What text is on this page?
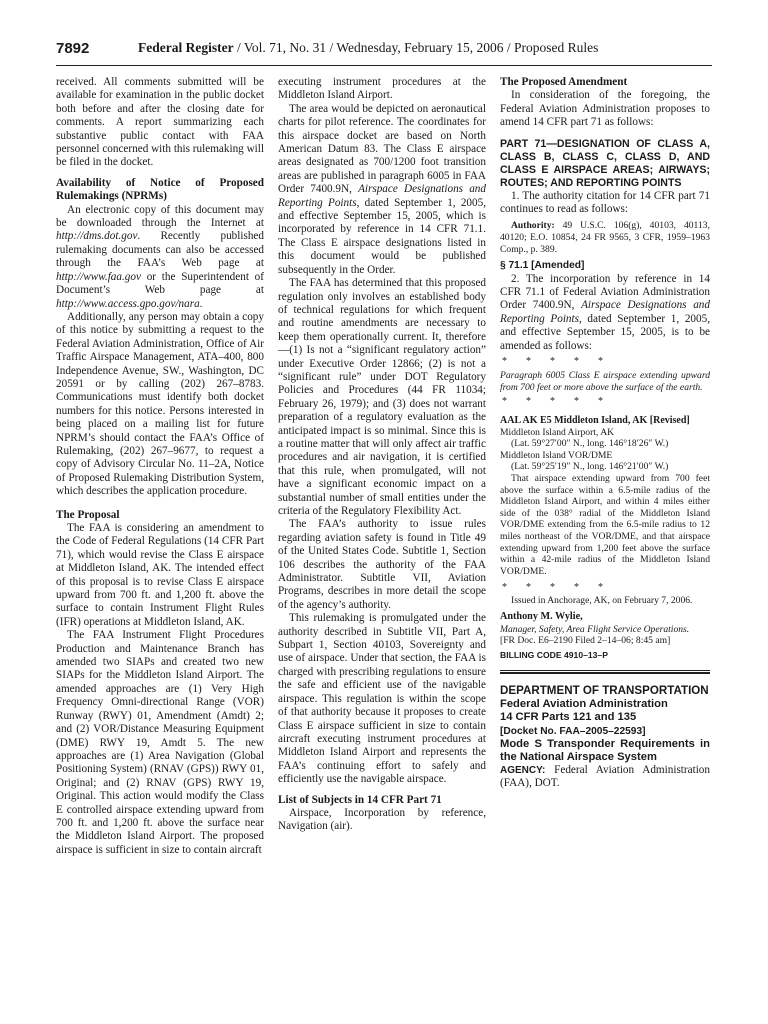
7892	Federal Register / Vol. 71, No. 31 / Wednesday, February 15, 2006 / Proposed Rules

received. All comments submitted will be available for examination in the public docket both before and after the closing date for comments. A report summarizing each substantive public contact with FAA personnel concerned with this rulemaking will be filed in the docket.

Availability of Notice of Proposed Rulemakings (NPRMs)

An electronic copy of this document may be downloaded through the Internet at http://dms.dot.gov. Recently published rulemaking documents can also be accessed through the FAA’s Web page at http://www.faa.gov or the Superintendent of Document’s Web page at http://www.access.gpo.gov/nara.

Additionally, any person may obtain a copy of this notice by submitting a request to the Federal Aviation Administration, Office of Air Traffic Airspace Management, ATA–400, 800 Independence Avenue, SW., Washington, DC 20591 or by calling (202) 267–8783. Communications must identify both docket numbers for this notice. Persons interested in being placed on a mailing list for future NPRM’s should contact the FAA’s Office of Rulemaking, (202) 267–9677, to request a copy of Advisory Circular No. 11–2A, Notice of Proposed Rulemaking Distribution System, which describes the application procedure.

The Proposal

The FAA is considering an amendment to the Code of Federal Regulations (14 CFR Part 71), which would revise the Class E airspace at Middleton Island, AK. The intended effect of this proposal is to revise Class E airspace upward from 700 ft. and 1,200 ft. above the surface to contain Instrument Flight Rules (IFR) operations at Middleton Island, AK.

The FAA Instrument Flight Procedures Production and Maintenance Branch has amended two SIAPs and created two new SIAPs for the Middleton Island Airport. The amended approaches are (1) Very High Frequency Omni-directional Range (VOR) Runway (RWY) 01, Amendment (Amdt) 2; and (2) VOR/Distance Measuring Equipment (DME) RWY 19, Amdt 5. The new approaches are (1) Area Navigation (Global Positioning System) (RNAV (GPS)) RWY 01, Original; and (2) RNAV (GPS) RWY 19, Original. This action would modify the Class E controlled airspace extending upward from 700 ft. and 1,200 ft. above the surface near the Middleton Island Airport. The proposed airspace is sufficient in size to contain aircraft

executing instrument procedures at the Middleton Island Airport.

The area would be depicted on aeronautical charts for pilot reference. The coordinates for this airspace docket are based on North American Datum 83. The Class E airspace areas designated as 700/1200 foot transition areas are published in paragraph 6005 in FAA Order 7400.9N, Airspace Designations and Reporting Points, dated September 1, 2005, and effective September 15, 2005, which is incorporated by reference in 14 CFR 71.1. The Class E airspace designations listed in this document would be published subsequently in the Order.

The FAA has determined that this proposed regulation only involves an established body of technical regulations for which frequent and routine amendments are necessary to keep them operationally current. It, therefore—(1) Is not a “significant regulatory action” under Executive Order 12866; (2) is not a “significant rule” under DOT Regulatory Policies and Procedures (44 FR 11034; February 26, 1979); and (3) does not warrant preparation of a regulatory evaluation as the anticipated impact is so minimal. Since this is a routine matter that will only affect air traffic procedures and air navigation, it is certified that this rule, when promulgated, will not have a significant economic impact on a substantial number of small entities under the criteria of the Regulatory Flexibility Act.

The FAA’s authority to issue rules regarding aviation safety is found in Title 49 of the United States Code. Subtitle 1, Section 106 describes the authority of the FAA Administrator. Subtitle VII, Aviation Programs, describes in more detail the scope of the agency’s authority.

This rulemaking is promulgated under the authority described in Subtitle VII, Part A, Subpart 1, Section 40103, Sovereignty and use of airspace. Under that section, the FAA is charged with prescribing regulations to ensure the safe and efficient use of the navigable airspace. This regulation is within the scope of that authority because it proposes to create Class E airspace sufficient in size to contain aircraft executing instrument procedures at Middleton Island Airport and represents the FAA’s continuing effort to safely and efficiently use the navigable airspace.

List of Subjects in 14 CFR Part 71

Airspace, Incorporation by reference, Navigation (air).

The Proposed Amendment

In consideration of the foregoing, the Federal Aviation Administration proposes to amend 14 CFR part 71 as follows:

PART 71—DESIGNATION OF CLASS A, CLASS B, CLASS C, CLASS D, AND CLASS E AIRSPACE AREAS; AIRWAYS; ROUTES; AND REPORTING POINTS

1. The authority citation for 14 CFR part 71 continues to read as follows:

Authority: 49 U.S.C. 106(g), 40103, 40113, 40120; E.O. 10854, 24 FR 9565, 3 CFR, 1959–1963 Comp., p. 389.

§ 71.1 [Amended]

2. The incorporation by reference in 14 CFR 71.1 of Federal Aviation Administration Order 7400.9N, Airspace Designations and Reporting Points, dated September 1, 2005, and effective September 15, 2005, is to be amended as follows:

* * * * *

Paragraph 6005 Class E airspace extending upward from 700 feet or more above the surface of the earth.

* * * * *

AAL AK E5 Middleton Island, AK [Revised]

Middleton Island Airport, AK

(Lat. 59°27′00″ N., long. 146°18′26″ W.)

Middleton Island VOR/DME

(Lat. 59°25′19″ N., long. 146°21′00″ W.)

That airspace extending upward from 700 feet above the surface within a 6.5-mile radius of the Middleton Island Airport, and within 4 miles either side of the 038° radial of the Middleton Island VOR/DME extending from the 6.5-mile radius to 12 miles northeast of the VOR/DME, and that airspace extending upward from 1,200 feet above the surface within a 42-mile radius of the Middleton Island VOR/DME.

* * * * *

Issued in Anchorage, AK, on February 7, 2006.

Anthony M. Wylie,

Manager, Safety, Area Flight Service Operations.

[FR Doc. E6–2190 Filed 2–14–06; 8:45 am]

BILLING CODE 4910–13–P

DEPARTMENT OF TRANSPORTATION

Federal Aviation Administration

14 CFR Parts 121 and 135

[Docket No. FAA–2005–22593]

Mode S Transponder Requirements in the National Airspace System

AGENCY: Federal Aviation Administration (FAA), DOT.
